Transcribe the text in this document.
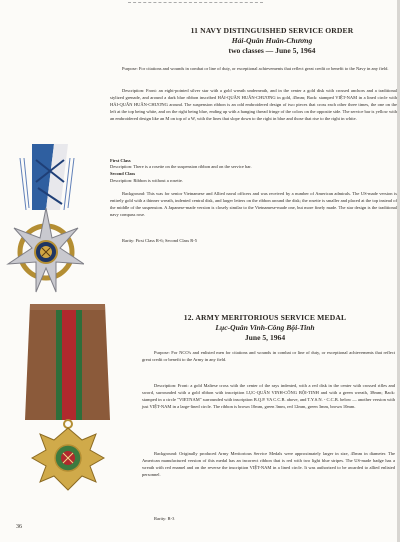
11 NAVY DISTINGUISHED SERVICE ORDER
Hải-Quân Huân-Chương
two classes — June 5, 1964

Purpose: For citations and wounds in combat or line of duty, or exceptional achievements that reflect great credit or benefit to the Navy in any field.

Description: Front: an eight-pointed silver star with a gold wreath underneath, and in the center a gold disk with crossed anchors and a traditional stylized grenade, and around a dark blue ribbon inscribed HẢI-QUÂN HUÂN-CHƯƠNG in gold, 45mm; Back: stamped VIỆT-NAM in a lined circle with HẢI-QUÂN HUÂN-CHƯƠNG around. The suspension ribbon is an odd embroidered design of two pieces that cross each other three times, the one on the left at the top being white, and on the right being blue, ending up with a hanging thread fringe of the colors on the opposite side. The service bar is yellow with an embroidered design like an M on top of a W, with the lines that slope down to the right in blue and those that rise to the right in white.

First Class

Description: There is a rosette on the suspension ribbon and on the service bar.

Second Class

Description: Ribbon is without a rosette.

Background: This was for senior Vietnamese and Allied naval officers and was received by a number of American admirals. The US-made version is entirely gold with a thinner wreath, indented central disk, and larger letters on the ribbon around the disk; the rosette is smaller and placed at the top instead of the middle of the suspension. A Japanese-made version is closely similar to the Vietnamese-made one, but more finely made. The star design is the traditional navy compass rose.

Rarity: First Class R-6; Second Class R-5

12. ARMY MERITORIOUS SERVICE MEDAL
Lục-Quân Vinh-Công Bội-Tinh
June 5, 1964

Purpose: For NCO's and enlisted men for citations and wounds in combat or line of duty, or exceptional achievements that reflect great credit or benefit to the Army in any field.

Description: Front: a gold Maltese cross with the center of the rays indented, with a red disk in the center with crossed rifles and sword, surrounded with a gold ribbon with inscription LỤC-QUÂN VINH-CÔNG BỘI-TINH and with a green wreath, 38mm; Back: stamped in a circle "VIETNAM" surrounded with inscription B.Q.P. VA C.C.B. above, and T.Y.S.N. - C.C.B. below — another version with just VIỆT-NAM in a large-lined circle. The ribbon is brown 10mm, green 3mm, red 12mm, green 3mm, brown 10mm.

Background: Originally produced Army Meritorious Service Medals were approximately larger in size, 45mm in diameter. The American manufactured version of this medal has an incorrect ribbon that is red with two light blue stripes. The US-made badge has a wreath with red enamel and on the reverse the inscription VIỆT-NAM in a lined circle. It was authorized to be awarded to allied enlisted personnel.

Rarity: R-3

36
